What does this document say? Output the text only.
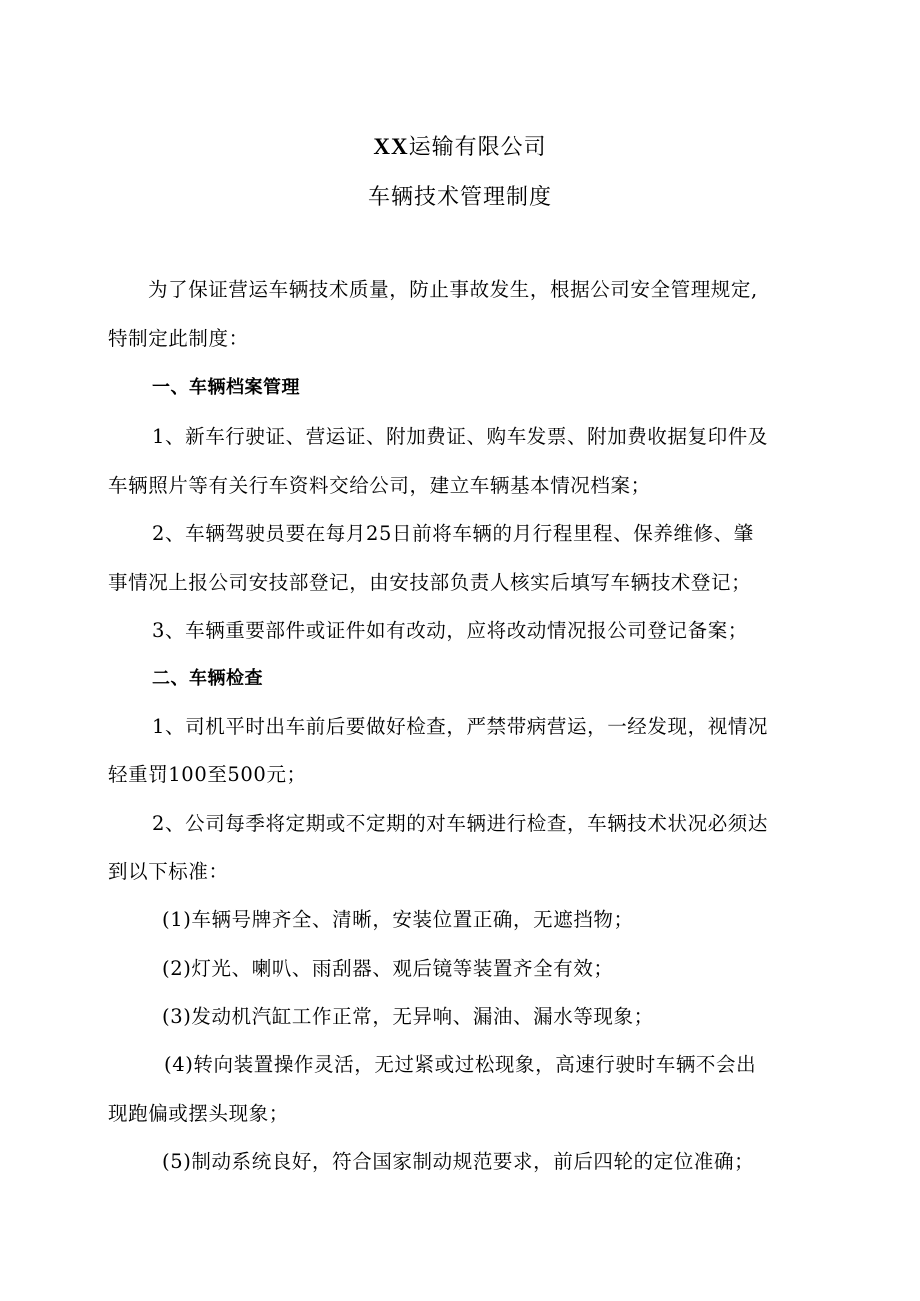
XX运输有限公司
车辆技术管理制度
为了保证营运车辆技术质量，防止事故发生，根据公司安全管理规定,
特制定此制度：
一、车辆档案管理
1、新车行驶证、营运证、附加费证、购车发票、附加费收据复印件及
车辆照片等有关行车资料交给公司，建立车辆基本情况档案；
2、车辆驾驶员要在每月25日前将车辆的月行程里程、保养维修、肇
事情况上报公司安技部登记，由安技部负责人核实后填写车辆技术登记；
3、车辆重要部件或证件如有改动，应将改动情况报公司登记备案；
二、车辆检查
1、司机平时出车前后要做好检查，严禁带病营运，一经发现，视情况
轻重罚100至500元；
2、公司每季将定期或不定期的对车辆进行检查，车辆技术状况必须达
到以下标准：
(1)车辆号牌齐全、清晰，安装位置正确，无遮挡物；
(2)灯光、喇叭、雨刮器、观后镜等装置齐全有效；
(3)发动机汽缸工作正常，无异响、漏油、漏水等现象；
(4)转向装置操作灵活，无过紧或过松现象，高速行驶时车辆不会出
现跑偏或摆头现象；
(5)制动系统良好，符合国家制动规范要求，前后四轮的定位准确；
